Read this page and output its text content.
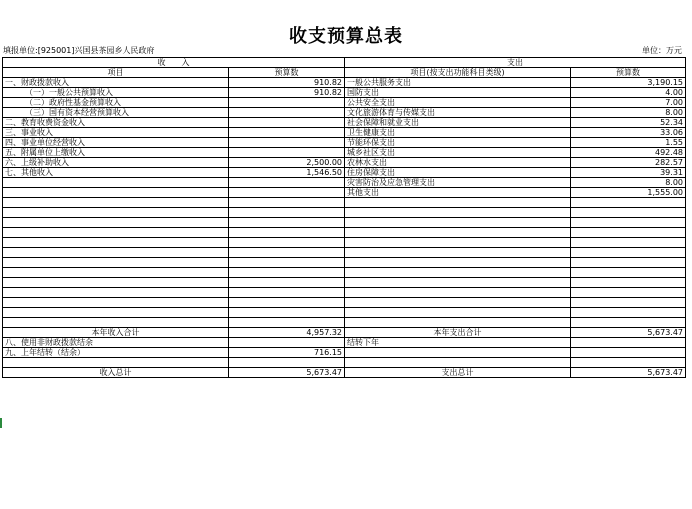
收支预算总表
填报单位:[925001]兴国县茶园乡人民政府	单位：万元
收　　入		支出	
项目	预算数	项目(按支出功能科目类级)	预算数
一、财政拨款收入	910.82	一般公共服务支出	3,190.15
（一）一般公共预算收入	910.82	国防支出	4.00
（二）政府性基金预算收入		公共安全支出	7.00
（三）国有资本经营预算收入		文化旅游体育与传媒支出	8.00
二、教育收费资金收入		社会保障和就业支出	52.34
三、事业收入		卫生健康支出	33.06
四、事业单位经营收入		节能环保支出	1.55
五、附属单位上缴收入		城乡社区支出	492.48
六、上级补助收入	2,500.00	农林水支出	282.57
七、其他收入	1,546.50	住房保障支出	39.31
		灾害防治及应急管理支出	8.00
		其他支出	1,555.00

本年收入合计	4,957.32	本年支出合计	5,673.47
八、使用非财政拨款结余		结转下年	
九、上年结转（结余）	716.15		

收入总计	5,673.47	支出总计	5,673.47
